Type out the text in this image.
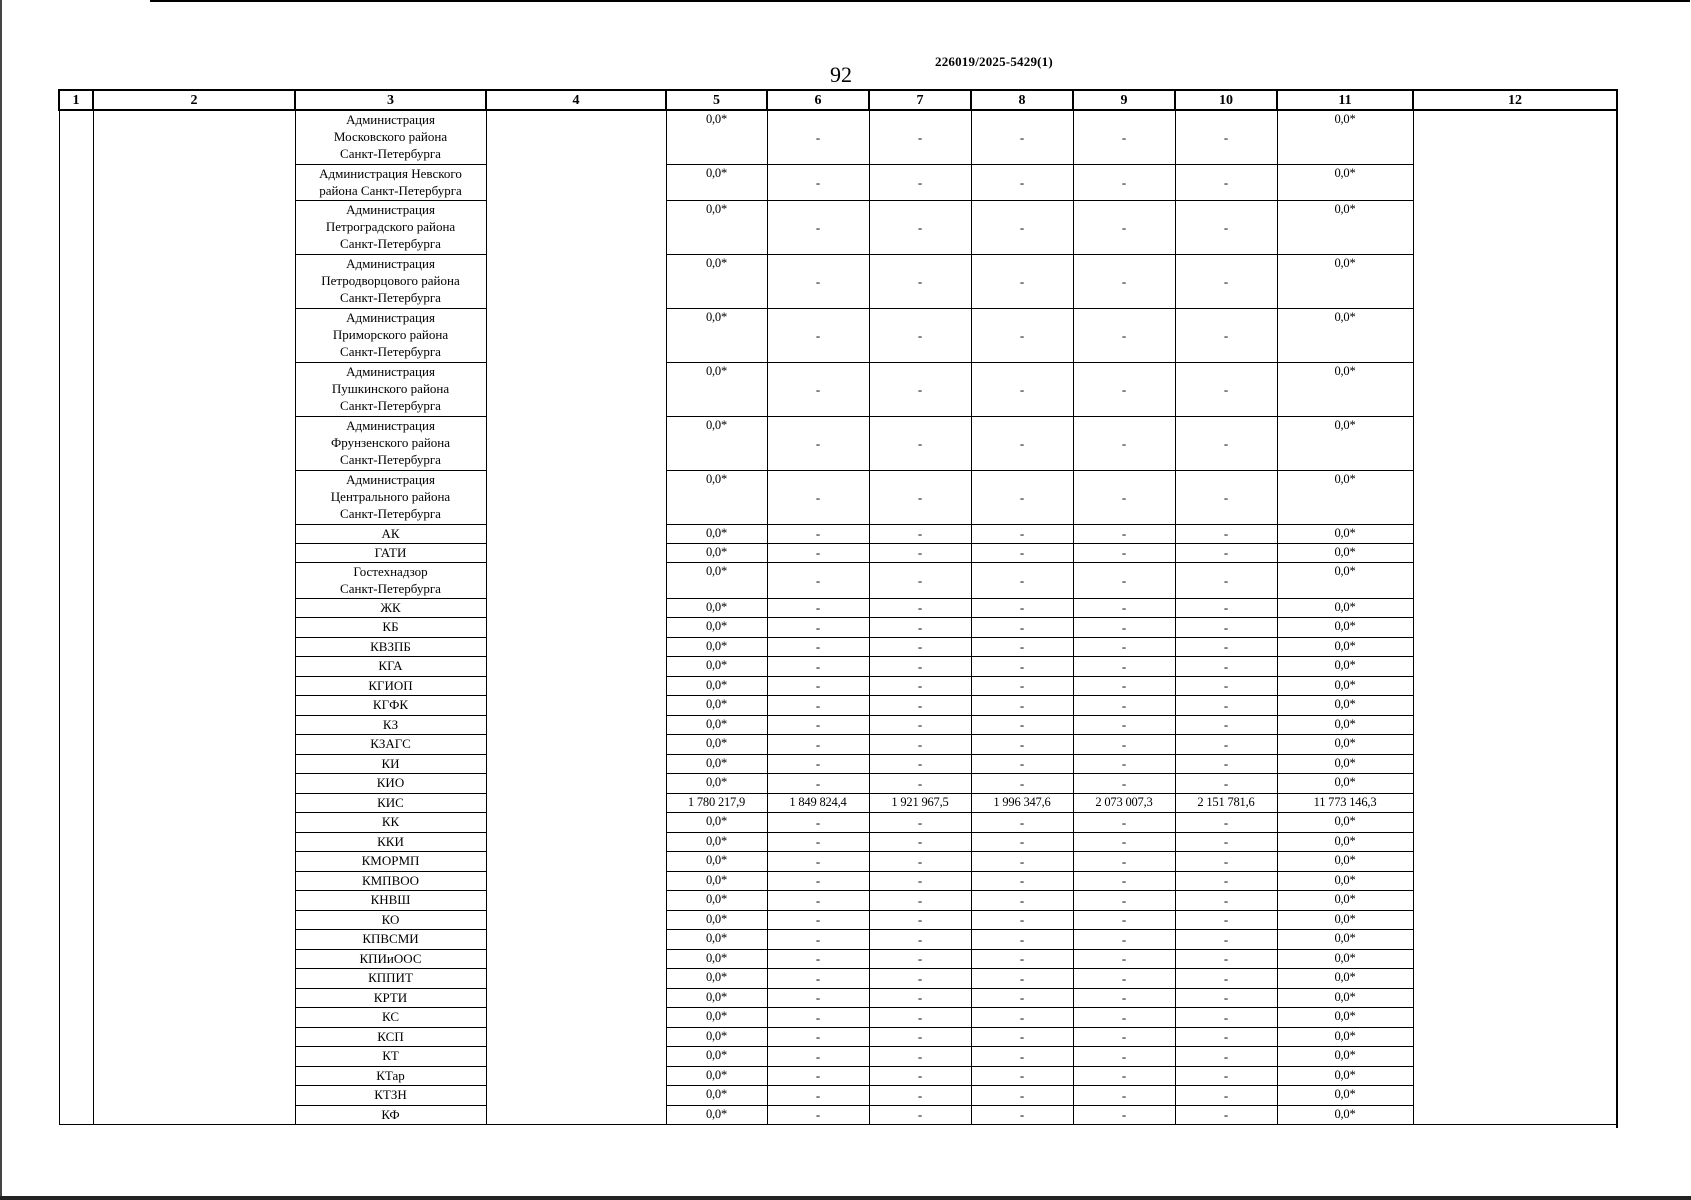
226019/2025-5429(1)
92
1	2	3	4	5	6	7	8	9	10	11	12

		Администрация
Московского района
Санкт-Петербурга		0,0*	-	-	-	-	-	0,0*	

		Администрация Невского
района Санкт-Петербурга		0,0*	-	-	-	-	-	0,0*	

		Администрация
Петроградского района
Санкт-Петербурга		0,0*	-	-	-	-	-	0,0*	

		Администрация
Петродворцового района
Санкт-Петербурга		0,0*	-	-	-	-	-	0,0*	

		Администрация
Приморского района
Санкт-Петербурга		0,0*	-	-	-	-	-	0,0*	

		Администрация
Пушкинского района
Санкт-Петербурга		0,0*	-	-	-	-	-	0,0*	

		Администрация
Фрунзенского района
Санкт-Петербурга		0,0*	-	-	-	-	-	0,0*	

		Администрация
Центрального района
Санкт-Петербурга		0,0*	-	-	-	-	-	0,0*	

		АК		0,0*	-	-	-	-	-	0,0*	

		ГАТИ		0,0*	-	-	-	-	-	0,0*	

		Гостехнадзор
Санкт-Петербурга		0,0*	-	-	-	-	-	0,0*	

		ЖК		0,0*	-	-	-	-	-	0,0*	

		КБ		0,0*	-	-	-	-	-	0,0*	

		КВЗПБ		0,0*	-	-	-	-	-	0,0*	

		КГА		0,0*	-	-	-	-	-	0,0*	

		КГИОП		0,0*	-	-	-	-	-	0,0*	

		КГФК		0,0*	-	-	-	-	-	0,0*	

		КЗ		0,0*	-	-	-	-	-	0,0*	

		КЗАГС		0,0*	-	-	-	-	-	0,0*	

		КИ		0,0*	-	-	-	-	-	0,0*	

		КИО		0,0*	-	-	-	-	-	0,0*	

		КИС		1 780 217,9	1 849 824,4	1 921 967,5	1 996 347,6	2 073 007,3	2 151 781,6	11 773 146,3	

		КК		0,0*	-	-	-	-	-	0,0*	

		ККИ		0,0*	-	-	-	-	-	0,0*	

		КМОРМП		0,0*	-	-	-	-	-	0,0*	

		КМПВОО		0,0*	-	-	-	-	-	0,0*	

		КНВШ		0,0*	-	-	-	-	-	0,0*	

		КО		0,0*	-	-	-	-	-	0,0*	

		КПВСМИ		0,0*	-	-	-	-	-	0,0*	

		КПИиООС		0,0*	-	-	-	-	-	0,0*	

		КППИТ		0,0*	-	-	-	-	-	0,0*	

		КРТИ		0,0*	-	-	-	-	-	0,0*	

		КС		0,0*	-	-	-	-	-	0,0*	

		КСП		0,0*	-	-	-	-	-	0,0*	

		КТ		0,0*	-	-	-	-	-	0,0*	

		КТар		0,0*	-	-	-	-	-	0,0*	

		КТЗН		0,0*	-	-	-	-	-	0,0*	

		КФ		0,0*	-	-	-	-	-	0,0*	
